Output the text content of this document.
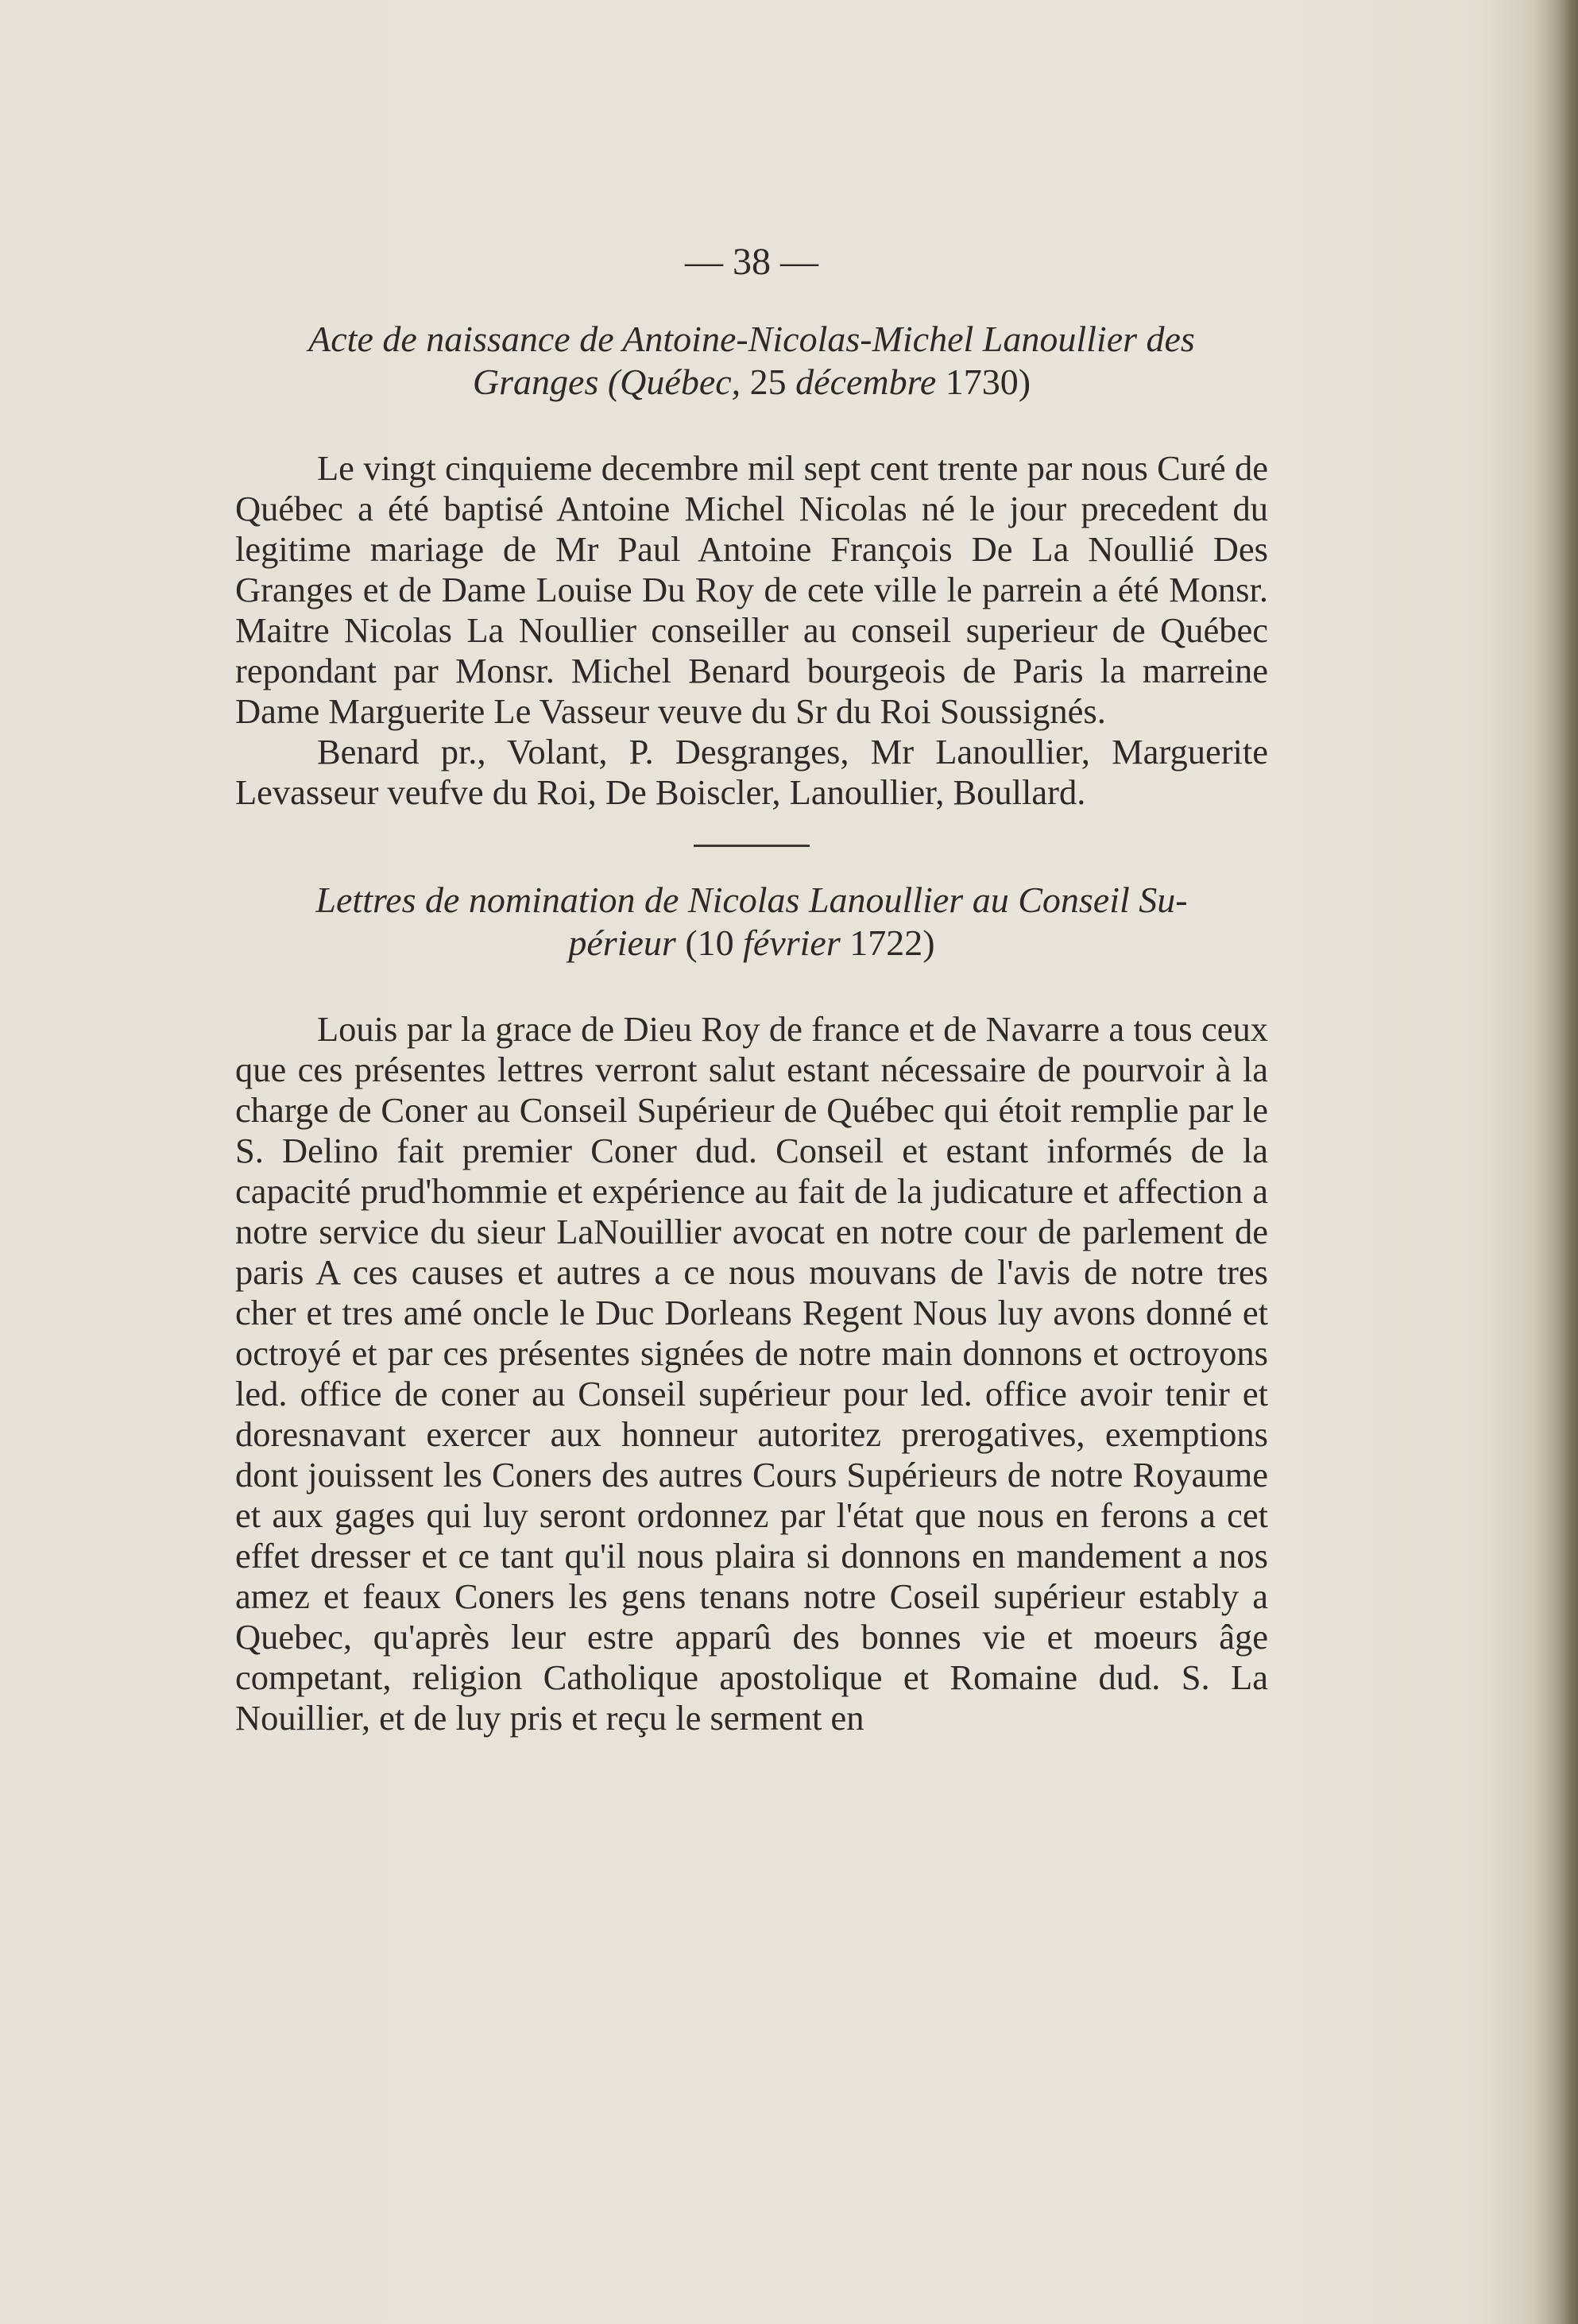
— 38 —
Acte de naissance de Antoine-Nicolas-Michel Lanoullier des
Granges (Québec, 25 décembre 1730)

Le vingt cinquieme decembre mil sept cent trente par nous Curé de Québec a été baptisé Antoine Michel Nicolas né le jour precedent du legitime mariage de Mr Paul Antoine François De La Noullié Des Granges et de Dame Louise Du Roy de cete ville le parrein a été Monsr. Maitre Nicolas La Noullier conseiller au conseil superieur de Québec repondant par Monsr. Michel Benard bourgeois de Paris la marreine Dame Marguerite Le Vasseur veuve du Sr du Roi Soussignés.

Benard pr., Volant, P. Desgranges, Mr Lanoullier, Marguerite Levasseur veufve du Roi, De Boiscler, Lanoullier, Boullard.

Lettres de nomination de Nicolas Lanoullier au Conseil Su-
périeur (10 février 1722)

Louis par la grace de Dieu Roy de france et de Navarre a tous ceux que ces présentes lettres verront salut estant nécessaire de pourvoir à la charge de Coner au Conseil Supérieur de Québec qui étoit remplie par le S. Delino fait premier Coner dud. Conseil et estant informés de la capacité prud'hommie et expérience au fait de la judicature et affection a notre service du sieur LaNouillier avocat en notre cour de parlement de paris A ces causes et autres a ce nous mouvans de l'avis de notre tres cher et tres amé oncle le Duc Dorleans Regent Nous luy avons donné et octroyé et par ces présentes signées de notre main donnons et octroyons led. office de coner au Conseil supérieur pour led. office avoir tenir et doresnavant exercer aux honneur autoritez prerogatives, exemptions dont jouissent les Coners des autres Cours Supérieurs de notre Royaume et aux gages qui luy seront ordonnez par l'état que nous en ferons a cet effet dresser et ce tant qu'il nous plaira si donnons en mandement a nos amez et feaux Coners les gens tenans notre Coseil supérieur estably a Quebec, qu'après leur estre apparû des bonnes vie et moeurs âge competant, religion Catholique apostolique et Romaine dud. S. La Nouillier, et de luy pris et reçu le serment en
